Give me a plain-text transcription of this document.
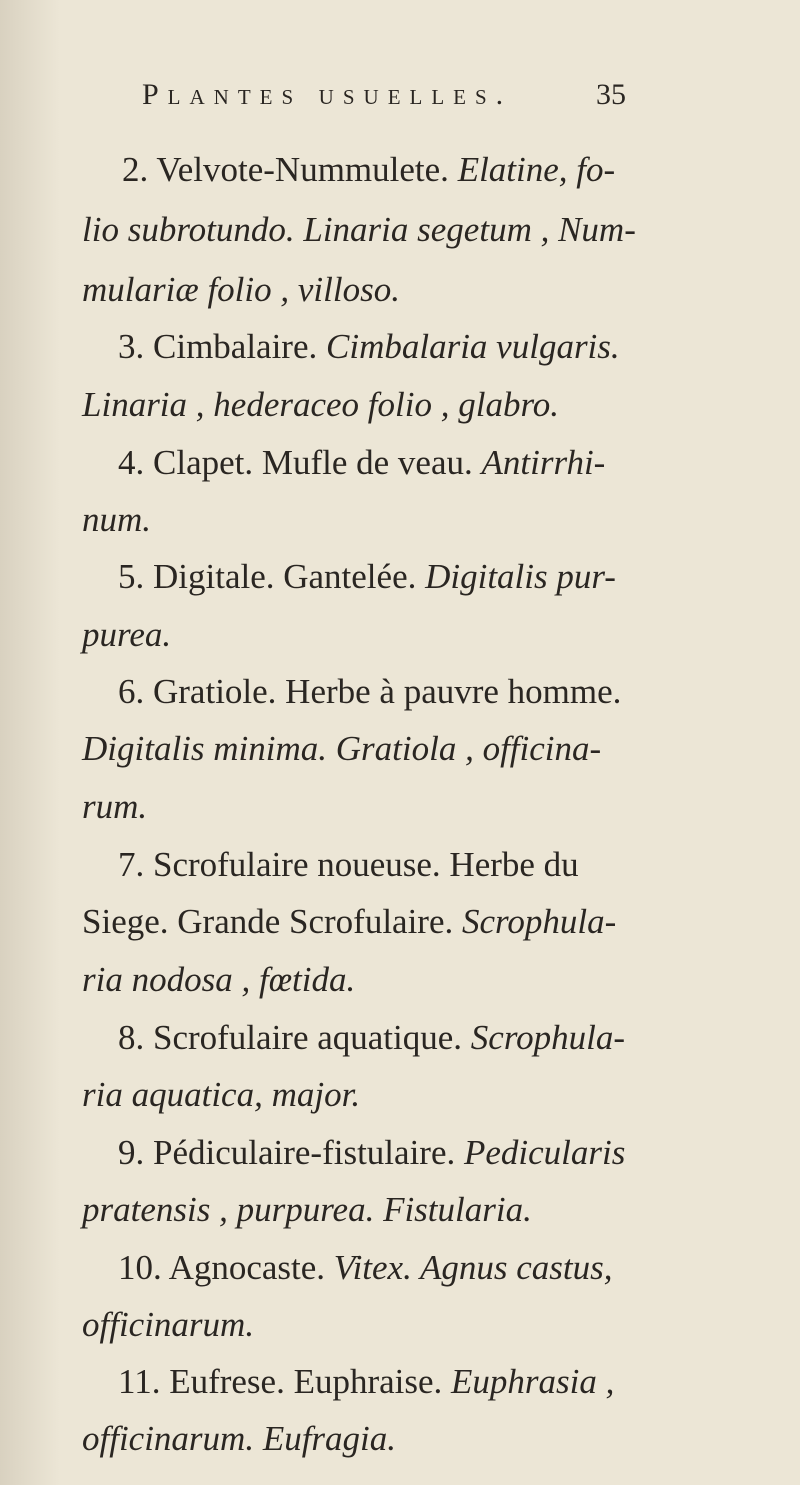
Plantes usuelles.	35
2. Velvote-Nummulete. Elatine, fo-
lio subrotundo. Linaria segetum , Num-
mulariæ folio , villoso.
3. Cimbalaire. Cimbalaria vulgaris.
Linaria , hederaceo folio , glabro.
4. Clapet. Mufle de veau. Antirrhi-
num.
5. Digitale. Gantelée. Digitalis pur-
purea.
6. Gratiole. Herbe à pauvre homme.
Digitalis minima. Gratiola , officina-
rum.
7. Scrofulaire noueuse. Herbe du
Siege. Grande Scrofulaire. Scrophula-
ria nodosa , fœtida.
8. Scrofulaire aquatique. Scrophula-
ria aquatica, major.
9. Pédiculaire-fistulaire. Pedicularis
pratensis , purpurea. Fistularia.
10. Agnocaste. Vitex. Agnus castus,
officinarum.
11. Eufrese. Euphraise. Euphrasia ,
officinarum. Eufragia.
